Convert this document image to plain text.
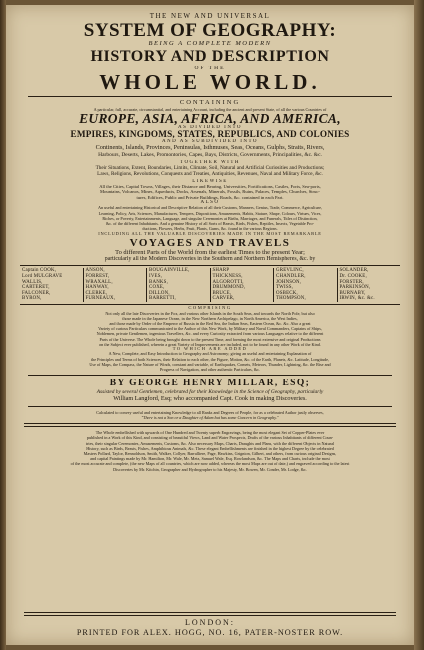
THE NEW AND UNIVERSAL
SYSTEM OF GEOGRAPHY:
BEING A COMPLETE MODERN
HISTORY AND DESCRIPTION
OF THE
WHOLE WORLD.
CONTAINING
A particular, full, accurate, circumstantial, and entertaining Account, including the ancient and present State, of all the various Countries of
EUROPE, ASIA, AFRICA, AND AMERICA,
AS DIVIDED INTO
EMPIRES, KINGDOMS, STATES, REPUBLICS, AND COLONIES
AND AS SUBDIVIDED INTO
Continents, Islands, Provinces, Peninsulas, Isthmuses, Seas, Oceans, Gulphs, Straits, Rivers,
Harbours, Deserts, Lakes, Promontories, Capes, Bays, Districts, Governments, Principalities, &c. &c.
TOGETHER WITH
Their Situations, Extent, Boundaries, Limits, Climate, Soil, Natural and Artificial Curiosities and Productions;
Laws, Religions, Revolutions, Conquests and Treaties, Antiquities, Revenues, Naval and Military Force, &c.
LIKEWISE
All the Cities, Capital Towns, Villages, their Distance and Bearing, Universities, Fortifications, Castles, Forts, Sea-ports,
Mountains, Volcanos, Mines, Aqueducts, Docks, Arsenals, Minerals, Fossils, Ruins, Palaces, Temples, Churches, Struc-
tures, Edifices, Public and Private Buildings, Roads, &c. contained in each Part.
ALSO
An useful and entertaining Historical and Descriptive Relation of all their Customs, Manners, Genius, Trade, Commerce, Agriculture,
Learning, Policy, Arts, Sciences, Manufactures, Tempers, Dispositions, Amusements, Habits, Stature, Shape, Colours, Virtues, Vices,
Riches, or Poverty, Entertainments, Language, and singular Ceremonies at Births, Marriages, and Funerals, Titles of Distinction,
&c. of the different Inhabitants. And a genuine History of all Sorts of Beasts, Birds, Fishes, Reptiles, Insects, Vegetable Pro-
ductions, Flowers, Herbs, Fruit, Plants, Gums, &c. found in the various Regions.
INCLUDING ALL THE VALUABLE DISCOVERIES MADE IN THE MOST REMARKABLE
VOYAGES AND TRAVELS
To different Parts of the World from the earliest Times to the present Year;
particularly all the Modern Discoveries in the Southern and Northern Hemispheres, &c. by
Captain COOK,
Lord MULGRAVE
WALLIS,
CARTERET,
FALCONER,
BYRON,
ANSON,
FORREST,
WRAXALL,
HANWAY,
CLERKE,
FURNEAUX,
BOUGAINVILLE,
IVES,
BANKS,
COXE,
DILLON,
BARRETTI,
SHARP
THICKNESS,
ALGOROTTI,
DRUMMOND,
BRUCE,
CARVER,
GREVLINC,
CHANDLER,
JOHNSON,
TWISS,
OSBECK,
THOMPSON,
SOLANDER,
Dr. COOKE,
FORSTER,
PARKINSON,
BURNABY,
IRWIN, &c. &c.
COMPRISING
Not only all the late Discoveries in the Fox, and various other Islands in the South Seas, and towards the North Pole, but also
those made in the Japanese Ocean, in the New Northern Archipelago, in North America, the West Indies,
and those made by Order of the Emperor of Russia in the Red Sea, the Indian Seas, Eastern Ocean, &c. &c. Also a great
Variety of curious Particulars communicated to the Author of this New Work, by Military and Naval Commanders, Captains of Ships,
Noblemen, private Gentlemen, ingenious Travellers, &c. and every Curiosity extracted from various Languages relative to the different
Parts of the Universe. The Whole being brought down to the present Time, and forming the most extensive and original Productions
on the Subject ever published, wherein a great Variety of Improvements are included, not to be found in any other Work of the Kind.
TO WHICH ARE ADDED
A New, Complete, and Easy Introduction to Geography and Astronomy; giving an useful and entertaining Explanation of
the Principles and Terms of both Sciences, their Relation to each other, the Figure, Motion, &c. of the Earth, Planets, &c. Latitude, Longitude,
Use of Maps, the Compass, the Nature of Winds, constant and variable, of Earthquakes, Comets, Meteors, Thunder, Lightning, &c. the Rise and
Progress of Navigation, and other authentic Particulars, &c.
BY GEORGE HENRY MILLAR, ESQ;
Assisted by several Gentlemen, celebrated for their Knowledge in the Science of Geography, particularly
William Langford, Esq; who accompanied Capt. Cook in making Discoveries.
Calculated to convey useful and entertaining Knowledge to all Ranks and Degrees of People, for as a celebrated Author justly observes,
"There is not a Son or a Daughter of Adam but has some Concern in Geography."
The Whole embellished with upwards of One Hundred and Twenty superb Engravings, being the most elegant Set of Copper-Plates ever
published in a Work of this Kind, and consisting of beautiful Views, Land and Water Prospects, Drafts of the various Inhabitants of different Coun-
tries, their singular Ceremonies, Amusements, Customs, &c. Also necessary Maps, Charts, Draughts and Plans, with the different Objects in Natural
History, such as Birds, Beasts, Fishes, Amphibious Animals, &c. These elegant Embellishments are finished in the highest Degree by the celebrated
Masters Pollard, Taylor, Rennoldson, Smith, Walker, Collyer, Barralliere, Page, Hawkins, Grignion, Gilbert, and others, from curious original Designs,
and capital Paintings made by Mr. Hamilton, Mr. Wale, Mr. Metz, Samuel Wale, Esq. Rowlandson, &c. The Maps and Charts, include the most
of the most accurate and complete, (the new Maps of all countries, which are now added, whereas the most Maps are out of date,) and engraved according to the latest
Discoveries by Mr. Kitchin, Geographer and Hydrographer to his Majesty, Mr. Bowen, Mr. Conder, Mr. Lodge, &c.
LONDON:
PRINTED FOR ALEX. HOGG, NO. 16, PATER-NOSTER ROW.
